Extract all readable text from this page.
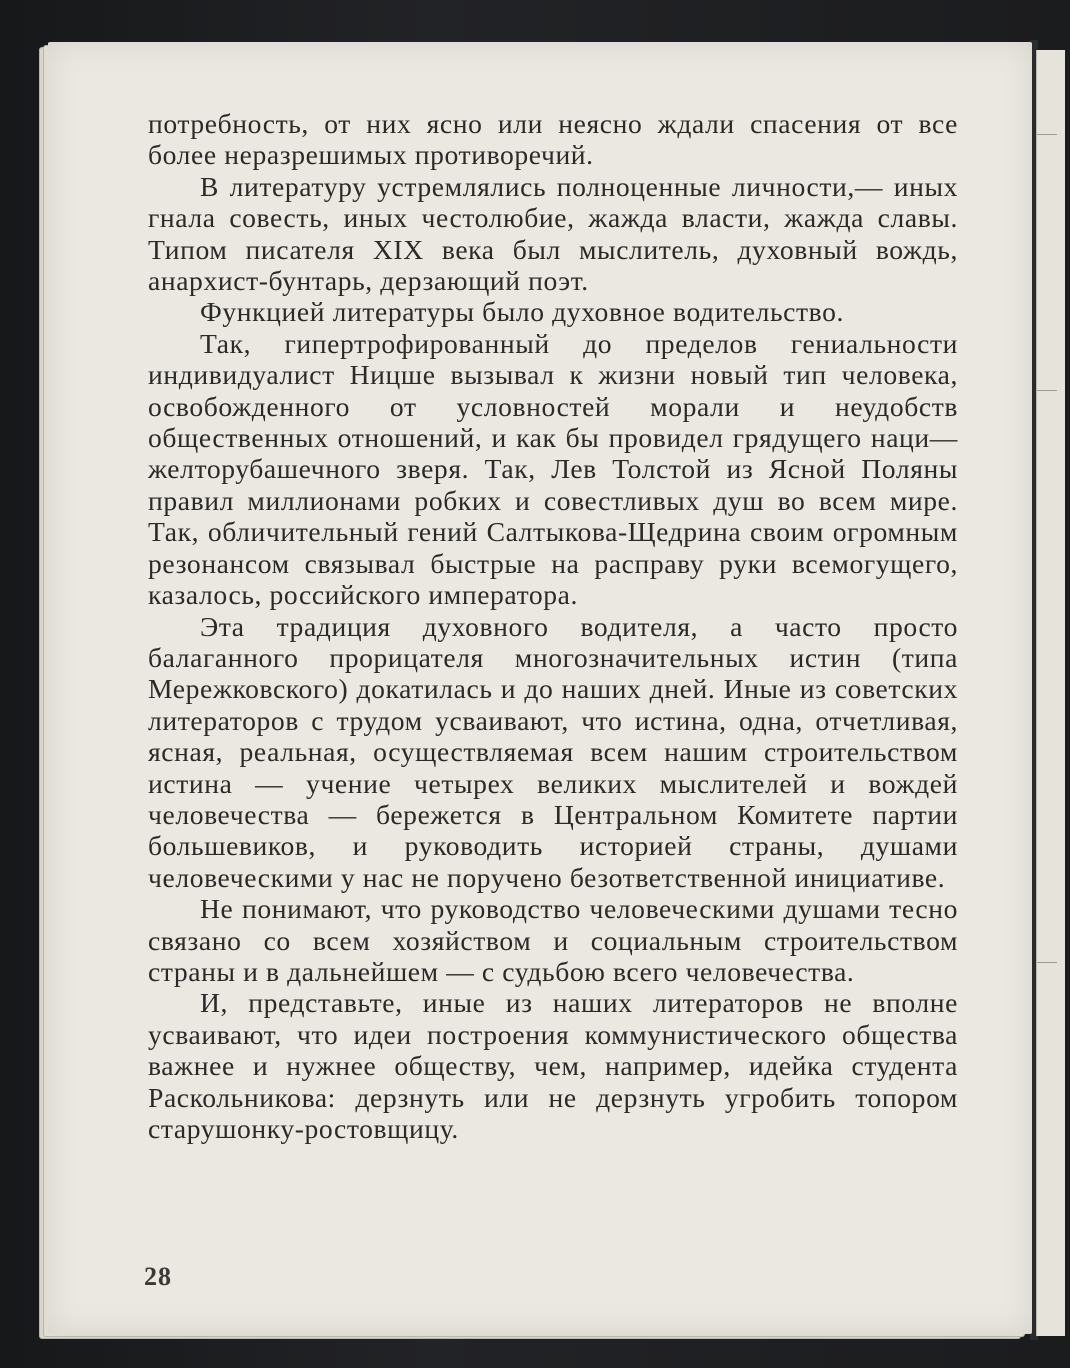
потребность, от них ясно или неясно ждали спасения от все более неразрешимых противоречий.

В литературу устремлялись полноценные личности,— иных гнала совесть, иных честолюбие, жажда власти, жажда славы. Типом писателя XIX века был мыслитель, духовный вождь, анархист-бунтарь, дерзающий поэт.

Функцией литературы было духовное водительство.

Так, гипертрофированный до пределов гениальности индивидуалист Ницше вызывал к жизни новый тип человека, освобожденного от условностей морали и неудобств общественных отношений, и как бы провидел грядущего наци—желторубашечного зверя. Так, Лев Толстой из Ясной Поляны правил миллионами робких и совестливых душ во всем мире. Так, обличительный гений Салтыкова-Щедрина своим огромным резонансом связывал быстрые на расправу руки всемогущего, казалось, российского императора.

Эта традиция духовного водителя, а часто просто балаганного прорицателя многозначительных истин (типа Мережковского) докатилась и до наших дней. Иные из советских литераторов с трудом усваивают, что истина, одна, отчетливая, ясная, реальная, осуществляемая всем нашим строительством истина — учение четырех великих мыслителей и вождей человечества — бережется в Центральном Комитете партии большевиков, и руководить историей страны, душами человеческими у нас не поручено безответственной инициативе.

Не понимают, что руководство человеческими душами тесно связано со всем хозяйством и социальным строительством страны и в дальнейшем — с судьбою всего человечества.

И, представьте, иные из наших литераторов не вполне усваивают, что идеи построения коммунистического общества важнее и нужнее обществу, чем, например, идейка студента Раскольникова: дерзнуть или не дерзнуть угробить топором старушонку-ростовщицу.

28
